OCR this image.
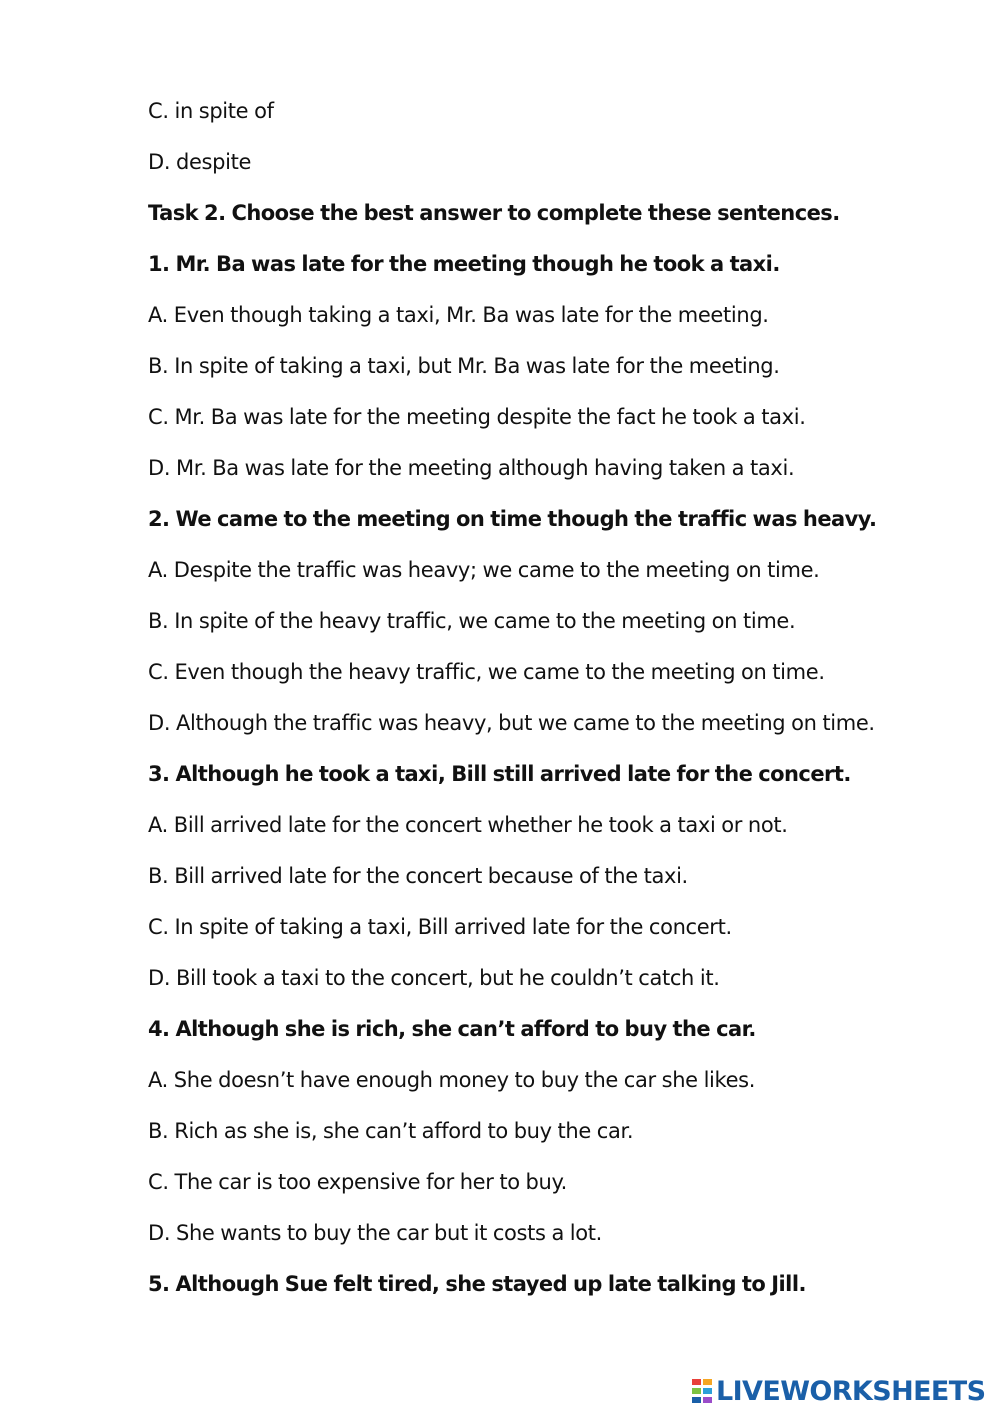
C. in spite of

D. despite

Task 2. Choose the best answer to complete these sentences.

1. Mr. Ba was late for the meeting though he took a taxi.

A. Even though taking a taxi, Mr. Ba was late for the meeting.

B. In spite of taking a taxi, but Mr. Ba was late for the meeting.

C. Mr. Ba was late for the meeting despite the fact he took a taxi.

D. Mr. Ba was late for the meeting although having taken a taxi.

2. We came to the meeting on time though the traffic was heavy.

A. Despite the traffic was heavy; we came to the meeting on time.

B. In spite of the heavy traffic, we came to the meeting on time.

C. Even though the heavy traffic, we came to the meeting on time.

D. Although the traffic was heavy, but we came to the meeting on time.

3. Although he took a taxi, Bill still arrived late for the concert.

A. Bill arrived late for the concert whether he took a taxi or not.

B. Bill arrived late for the concert because of the taxi.

C. In spite of taking a taxi, Bill arrived late for the concert.

D. Bill took a taxi to the concert, but he couldn’t catch it.

4. Although she is rich, she can’t afford to buy the car.

A. She doesn’t have enough money to buy the car she likes.

B. Rich as she is, she can’t afford to buy the car.

C. The car is too expensive for her to buy.

D. She wants to buy the car but it costs a lot.

5. Although Sue felt tired, she stayed up late talking to Jill.

LIVEWORKSHEETS
